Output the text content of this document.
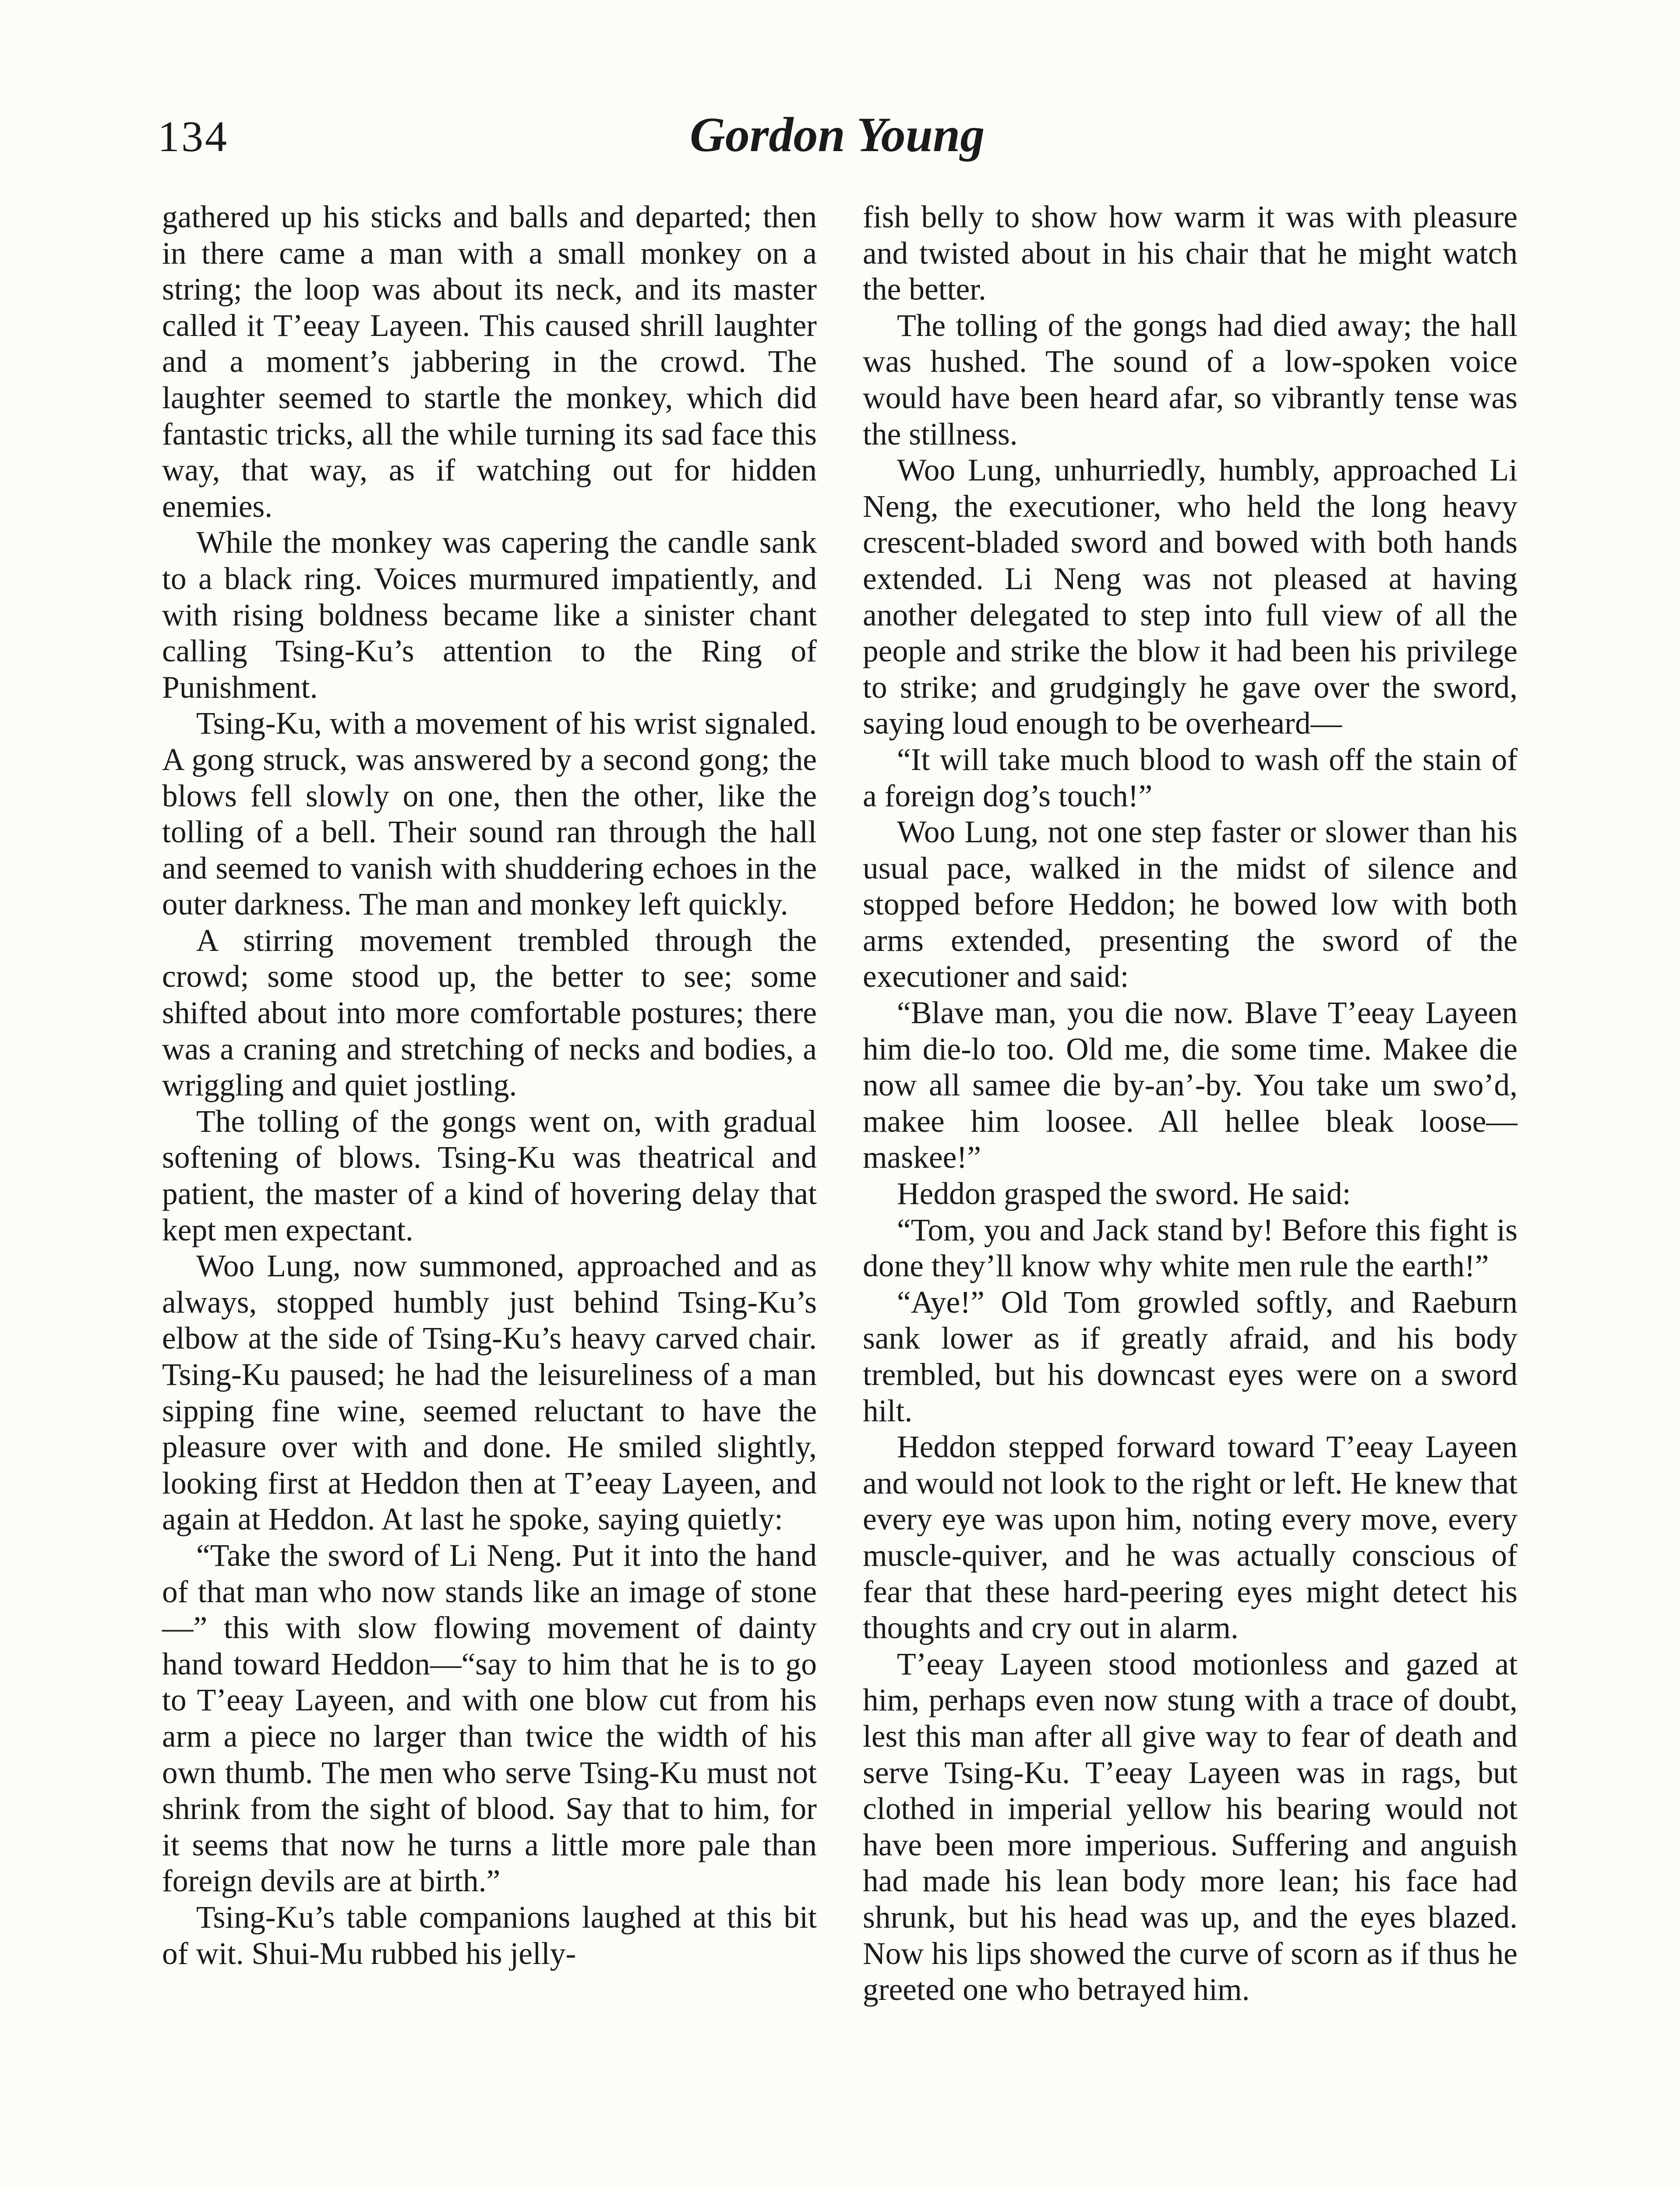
134	Gordon Young

gathered up his sticks and balls and departed; then in there came a man with a small monkey on a string; the loop was about its neck, and its master called it T’eeay Layeen. This caused shrill laughter and a moment’s jabbering in the crowd. The laughter seemed to startle the monkey, which did fantastic tricks, all the while turning its sad face this way, that way, as if watching out for hidden enemies.

While the monkey was capering the candle sank to a black ring. Voices murmured impatiently, and with rising boldness became like a sinister chant calling Tsing-Ku’s attention to the Ring of Punishment.

Tsing-Ku, with a movement of his wrist signaled. A gong struck, was answered by a second gong; the blows fell slowly on one, then the other, like the tolling of a bell. Their sound ran through the hall and seemed to vanish with shuddering echoes in the outer darkness. The man and monkey left quickly.

A stirring movement trembled through the crowd; some stood up, the better to see; some shifted about into more comfortable postures; there was a craning and stretching of necks and bodies, a wriggling and quiet jostling.

The tolling of the gongs went on, with gradual softening of blows. Tsing-Ku was theatrical and patient, the master of a kind of hovering delay that kept men expectant.

Woo Lung, now summoned, approached and as always, stopped humbly just behind Tsing-Ku’s elbow at the side of Tsing-Ku’s heavy carved chair. Tsing-Ku paused; he had the leisureliness of a man sipping fine wine, seemed reluctant to have the pleasure over with and done. He smiled slightly, looking first at Heddon then at T’eeay Layeen, and again at Heddon. At last he spoke, saying quietly:

“Take the sword of Li Neng. Put it into the hand of that man who now stands like an image of stone—” this with slow flowing movement of dainty hand toward Heddon—“say to him that he is to go to T’eeay Layeen, and with one blow cut from his arm a piece no larger than twice the width of his own thumb. The men who serve Tsing-Ku must not shrink from the sight of blood. Say that to him, for it seems that now he turns a little more pale than foreign devils are at birth.”

Tsing-Ku’s table companions laughed at this bit of wit. Shui-Mu rubbed his jelly-

fish belly to show how warm it was with pleasure and twisted about in his chair that he might watch the better.

The tolling of the gongs had died away; the hall was hushed. The sound of a low-spoken voice would have been heard afar, so vibrantly tense was the stillness.

Woo Lung, unhurriedly, humbly, approached Li Neng, the executioner, who held the long heavy crescent-bladed sword and bowed with both hands extended. Li Neng was not pleased at having another delegated to step into full view of all the people and strike the blow it had been his privilege to strike; and grudgingly he gave over the sword, saying loud enough to be overheard—

“It will take much blood to wash off the stain of a foreign dog’s touch!”

Woo Lung, not one step faster or slower than his usual pace, walked in the midst of silence and stopped before Heddon; he bowed low with both arms extended, presenting the sword of the executioner and said:

“Blave man, you die now. Blave T’eeay Layeen him die-lo too. Old me, die some time. Makee die now all samee die by-an’-by. You take um swo’d, makee him loosee. All hellee bleak loose—maskee!”

Heddon grasped the sword. He said:

“Tom, you and Jack stand by! Before this fight is done they’ll know why white men rule the earth!”

“Aye!” Old Tom growled softly, and Raeburn sank lower as if greatly afraid, and his body trembled, but his downcast eyes were on a sword hilt.

Heddon stepped forward toward T’eeay Layeen and would not look to the right or left. He knew that every eye was upon him, noting every move, every muscle-quiver, and he was actually conscious of fear that these hard-peering eyes might detect his thoughts and cry out in alarm.

T’eeay Layeen stood motionless and gazed at him, perhaps even now stung with a trace of doubt, lest this man after all give way to fear of death and serve Tsing-Ku. T’eeay Layeen was in rags, but clothed in imperial yellow his bearing would not have been more imperious. Suffering and anguish had made his lean body more lean; his face had shrunk, but his head was up, and the eyes blazed. Now his lips showed the curve of scorn as if thus he greeted one who betrayed him.
